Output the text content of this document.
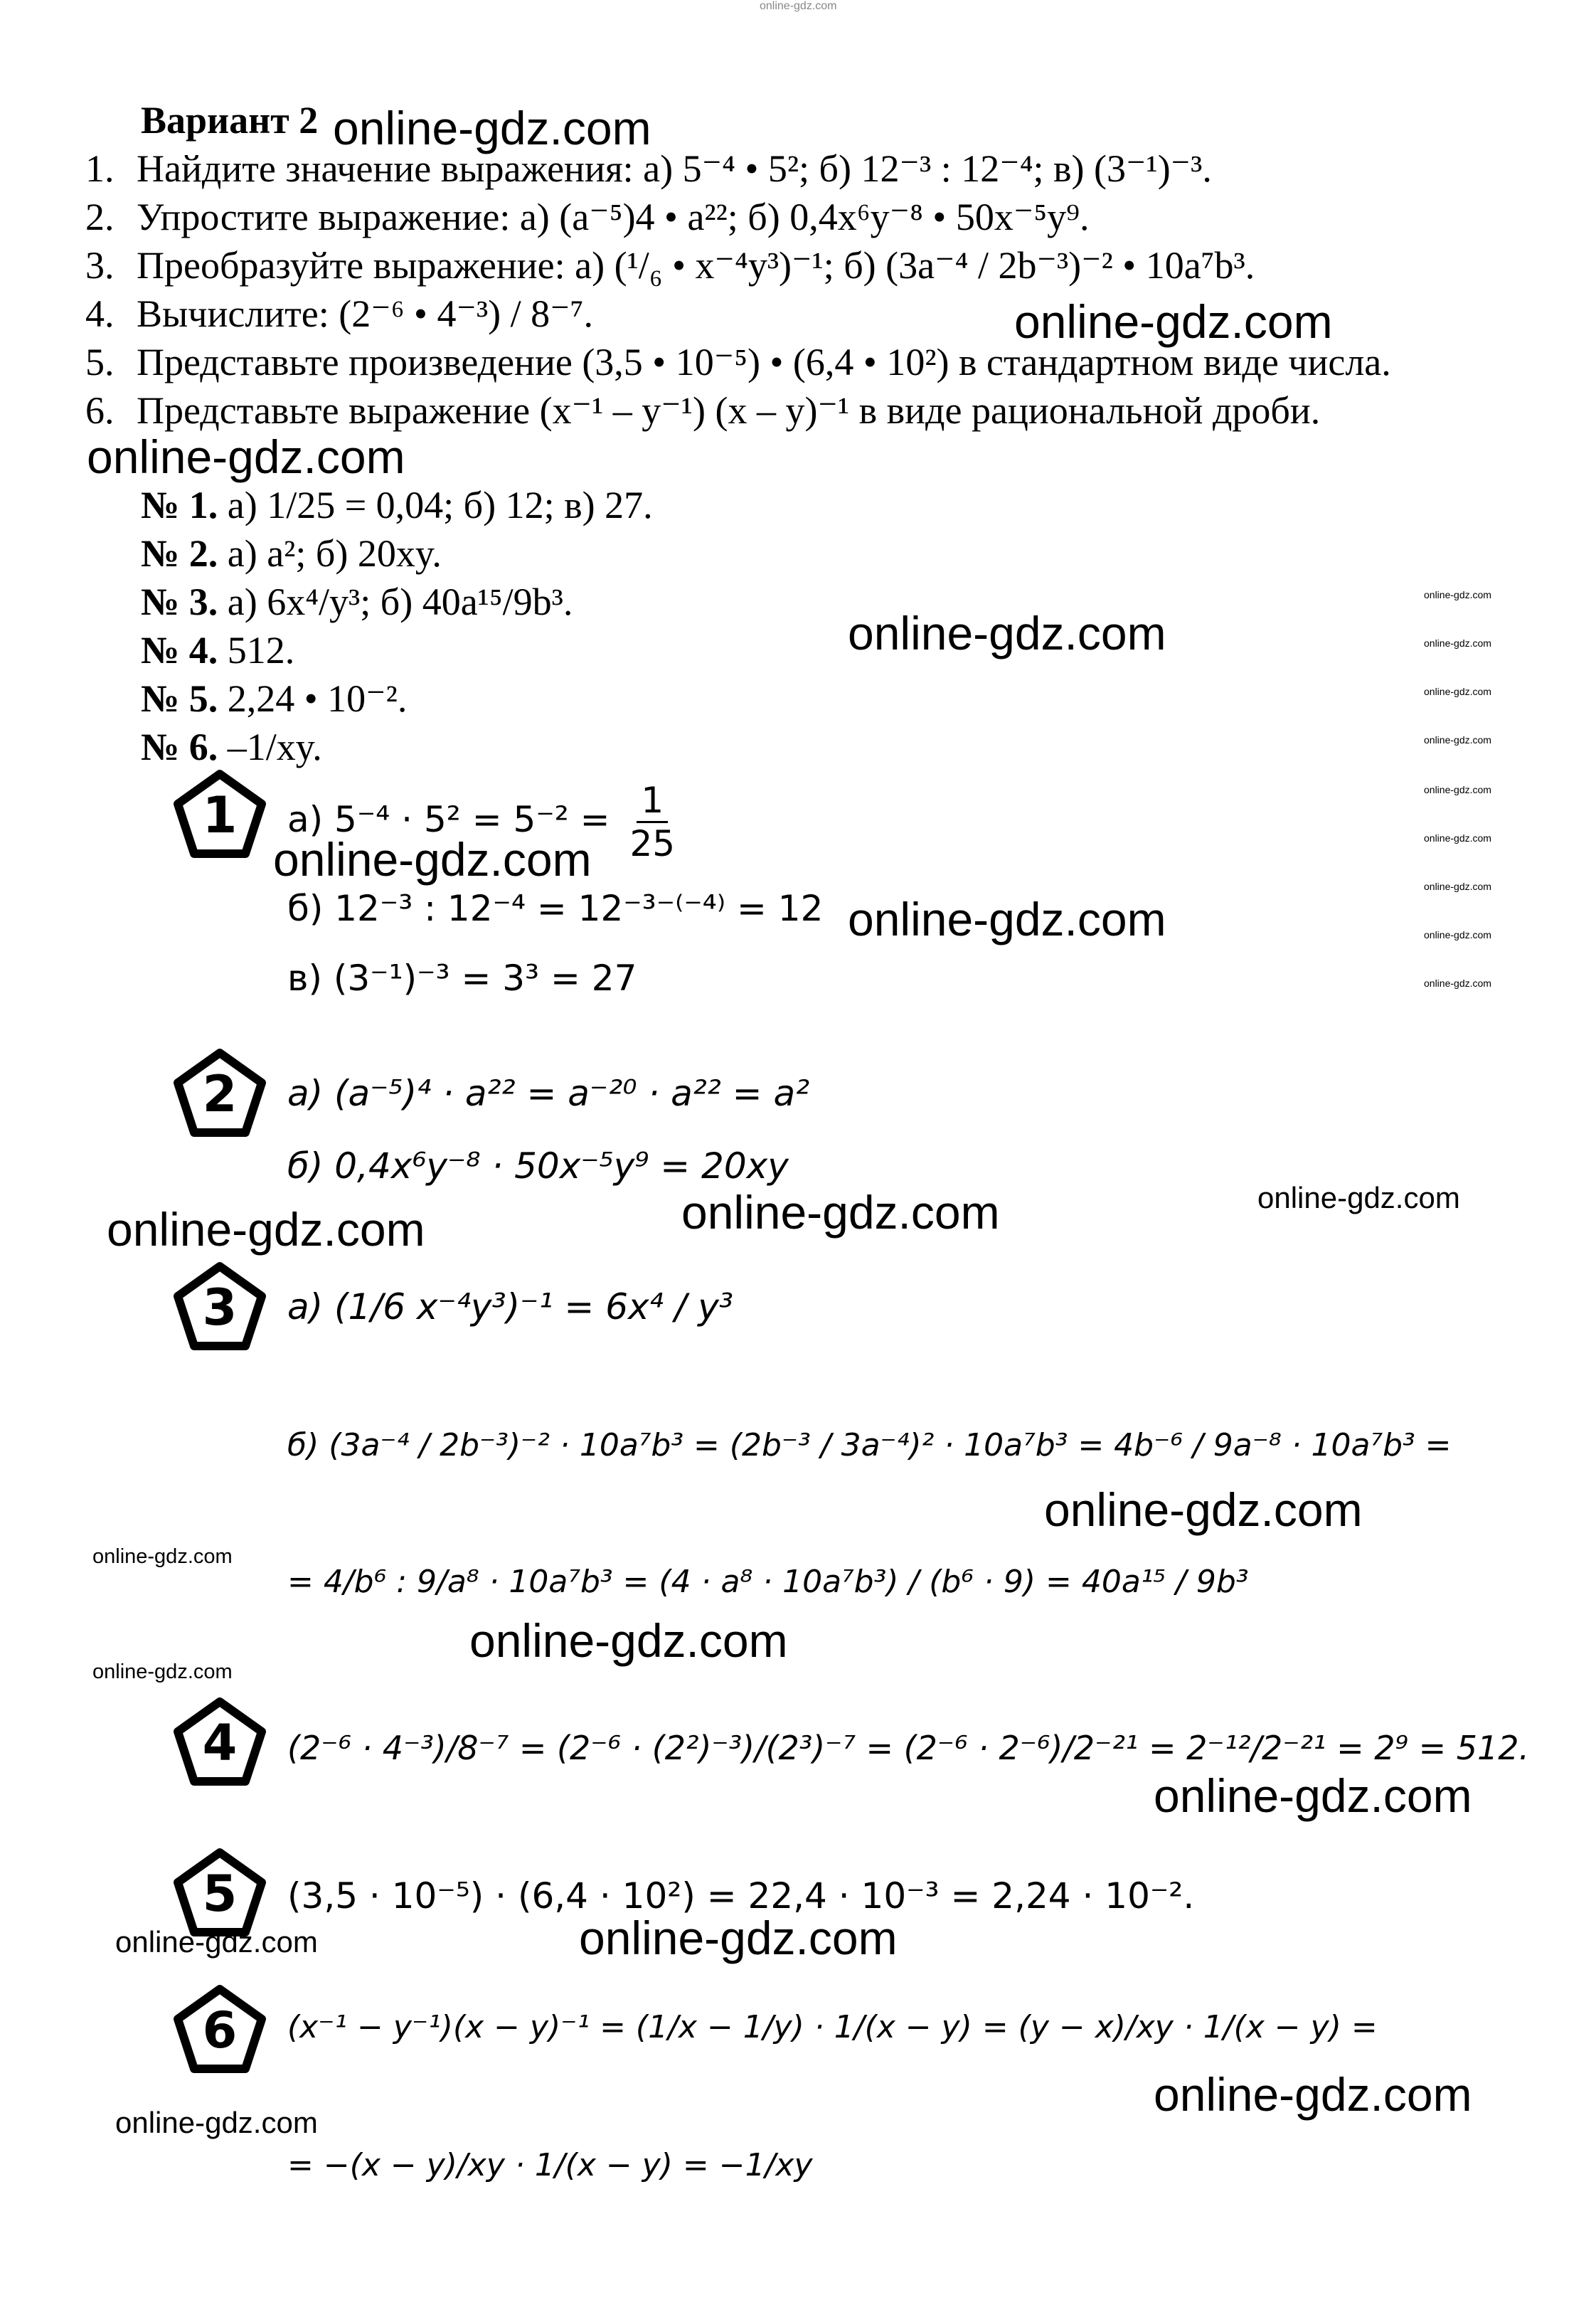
online-gdz.com
Вариант 2
1. Найдите значение выражения: а) 5⁻⁴ • 5²; б) 12⁻³ : 12⁻⁴; в) (3⁻¹)⁻³.
2. Упростите выражение: а) (a⁻⁵)4 • a²²; б) 0,4x⁶y⁻⁸ • 50x⁻⁵y⁹.
3. Преобразуйте выражение: а) (¹/₆ • x⁻⁴y³)⁻¹; б) (3a⁻⁴ / 2b⁻³)⁻² • 10a⁷b³.
4. Вычислите: (2⁻⁶ • 4⁻³) / 8⁻⁷.
5. Представьте произведение (3,5 • 10⁻⁵) • (6,4 • 10²) в стандартном виде числа.
6. Представьте выражение (x⁻¹ – y⁻¹) (x – y)⁻¹ в виде рациональной дроби.
№ 1. а) 1/25 = 0,04; б) 12; в) 27.
№ 2. а) a²; б) 20xy.
№ 3. а) 6x⁴/y³; б) 40a¹⁵/9b³.
№ 4. 512.
№ 5. 2,24 • 10⁻².
№ 6. –1/xy.
1
2
3
4
5
6
а) $5^{-4} \cdot 5^2 = 5^{-2} = \frac{1}{25}$
б) 12⁻³ : 12⁻⁴ = 12⁻³⁻⁽⁻⁴⁾ = 12
в) (3⁻¹)⁻³ = 3³ = 27
а) (a⁻⁵)⁴ · a²² = a⁻²⁰ · a²² = a²
б) 0,4x⁶y⁻⁸ · 50x⁻⁵y⁹ = 20xy
а) (1/6 x⁻⁴y³)⁻¹ = 6x⁴ / y³
б) (3a⁻⁴ / 2b⁻³)⁻² · 10a⁷b³ = (2b⁻³ / 3a⁻⁴)² · 10a⁷b³ = 4b⁻⁶ / 9a⁻⁸ · 10a⁷b³ =
= 4/b⁶ : 9/a⁸ · 10a⁷b³ = (4 · a⁸ · 10a⁷b³) / (b⁶ · 9) = 40a¹⁵ / 9b³
(2⁻⁶ · 4⁻³)/8⁻⁷ = (2⁻⁶ · (2²)⁻³)/(2³)⁻⁷ = (2⁻⁶ · 2⁻⁶)/2⁻²¹ = 2⁻¹²/2⁻²¹ = 2⁹ = 512.
(3,5 · 10⁻⁵) · (6,4 · 10²) = 22,4 · 10⁻³ = 2,24 · 10⁻².
(x⁻¹ − y⁻¹)(x − y)⁻¹ = (1/x − 1/y) · 1/(x − y) = (y − x)/xy · 1/(x − y) =
= −(x − y)/xy · 1/(x − y) = −1/xy
online-gdz.com
online-gdz.com
online-gdz.com
online-gdz.com
online-gdz.com
online-gdz.com
online-gdz.com	online-gdz.com
online-gdz.com
online-gdz.com
online-gdz.com
online-gdz.com
online-gdz.com
online-gdz.com
online-gdz.com
online-gdz.com
online-gdz.com
online-gdz.com
online-gdz.com
online-gdz.com
online-gdz.com
online-gdz.com
online-gdz.com
online-gdz.com
online-gdz.com
online-gdz.com
online-gdz.com
